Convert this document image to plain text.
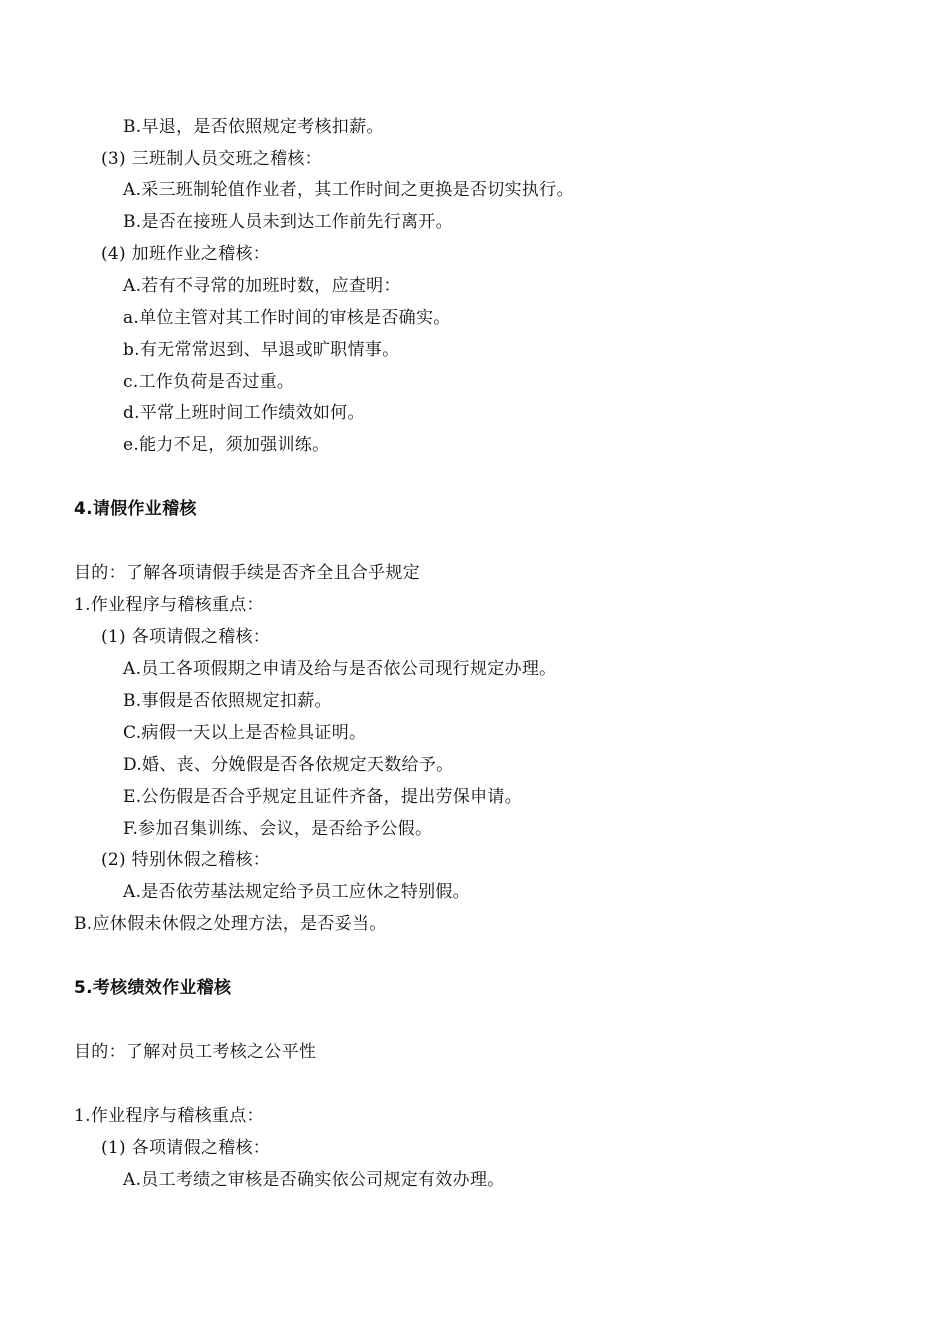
B.早退，是否依照规定考核扣薪。
(3) 三班制人员交班之稽核：
A.采三班制轮值作业者，其工作时间之更换是否切实执行。
B.是否在接班人员未到达工作前先行离开。
(4) 加班作业之稽核：
A.若有不寻常的加班时数，应查明：
a.单位主管对其工作时间的审核是否确实。
b.有无常常迟到、早退或旷职情事。
c.工作负荷是否过重。
d.平常上班时间工作绩效如何。
e.能力不足，须加强训练。
4.请假作业稽核
目的：了解各项请假手续是否齐全且合乎规定
1.作业程序与稽核重点：
(1) 各项请假之稽核：
A.员工各项假期之申请及给与是否依公司现行规定办理。
B.事假是否依照规定扣薪。
C.病假一天以上是否检具证明。
D.婚、丧、分娩假是否各依规定天数给予。
E.公伤假是否合乎规定且证件齐备，提出劳保申请。
F.参加召集训练、会议，是否给予公假。
(2) 特别休假之稽核：
A.是否依劳基法规定给予员工应休之特别假。
B.应休假未休假之处理方法，是否妥当。
5.考核绩效作业稽核
目的：了解对员工考核之公平性
1.作业程序与稽核重点：
(1) 各项请假之稽核：
A.员工考绩之审核是否确实依公司规定有效办理。
